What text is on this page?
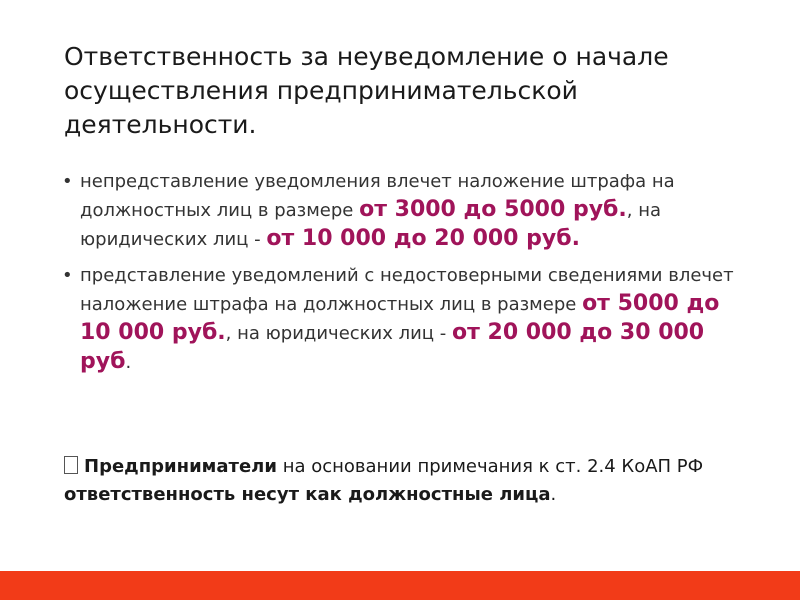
Ответственность за неуведомление о начале осуществления предпринимательской деятельности.
• непредставление уведомления влечет наложение штрафа на должностных лиц в размере от 3000 до 5000 руб., на юридических лиц - от 10 000 до 20 000 руб.
• представление уведомлений с недостоверными сведениями влечет наложение штрафа на должностных лиц в размере от 5000 до 10 000 руб., на юридических лиц - от 20 000 до 30 000 руб.
Предприниматели на основании примечания к ст. 2.4 КоАП РФ ответственность несут как должностные лица.
